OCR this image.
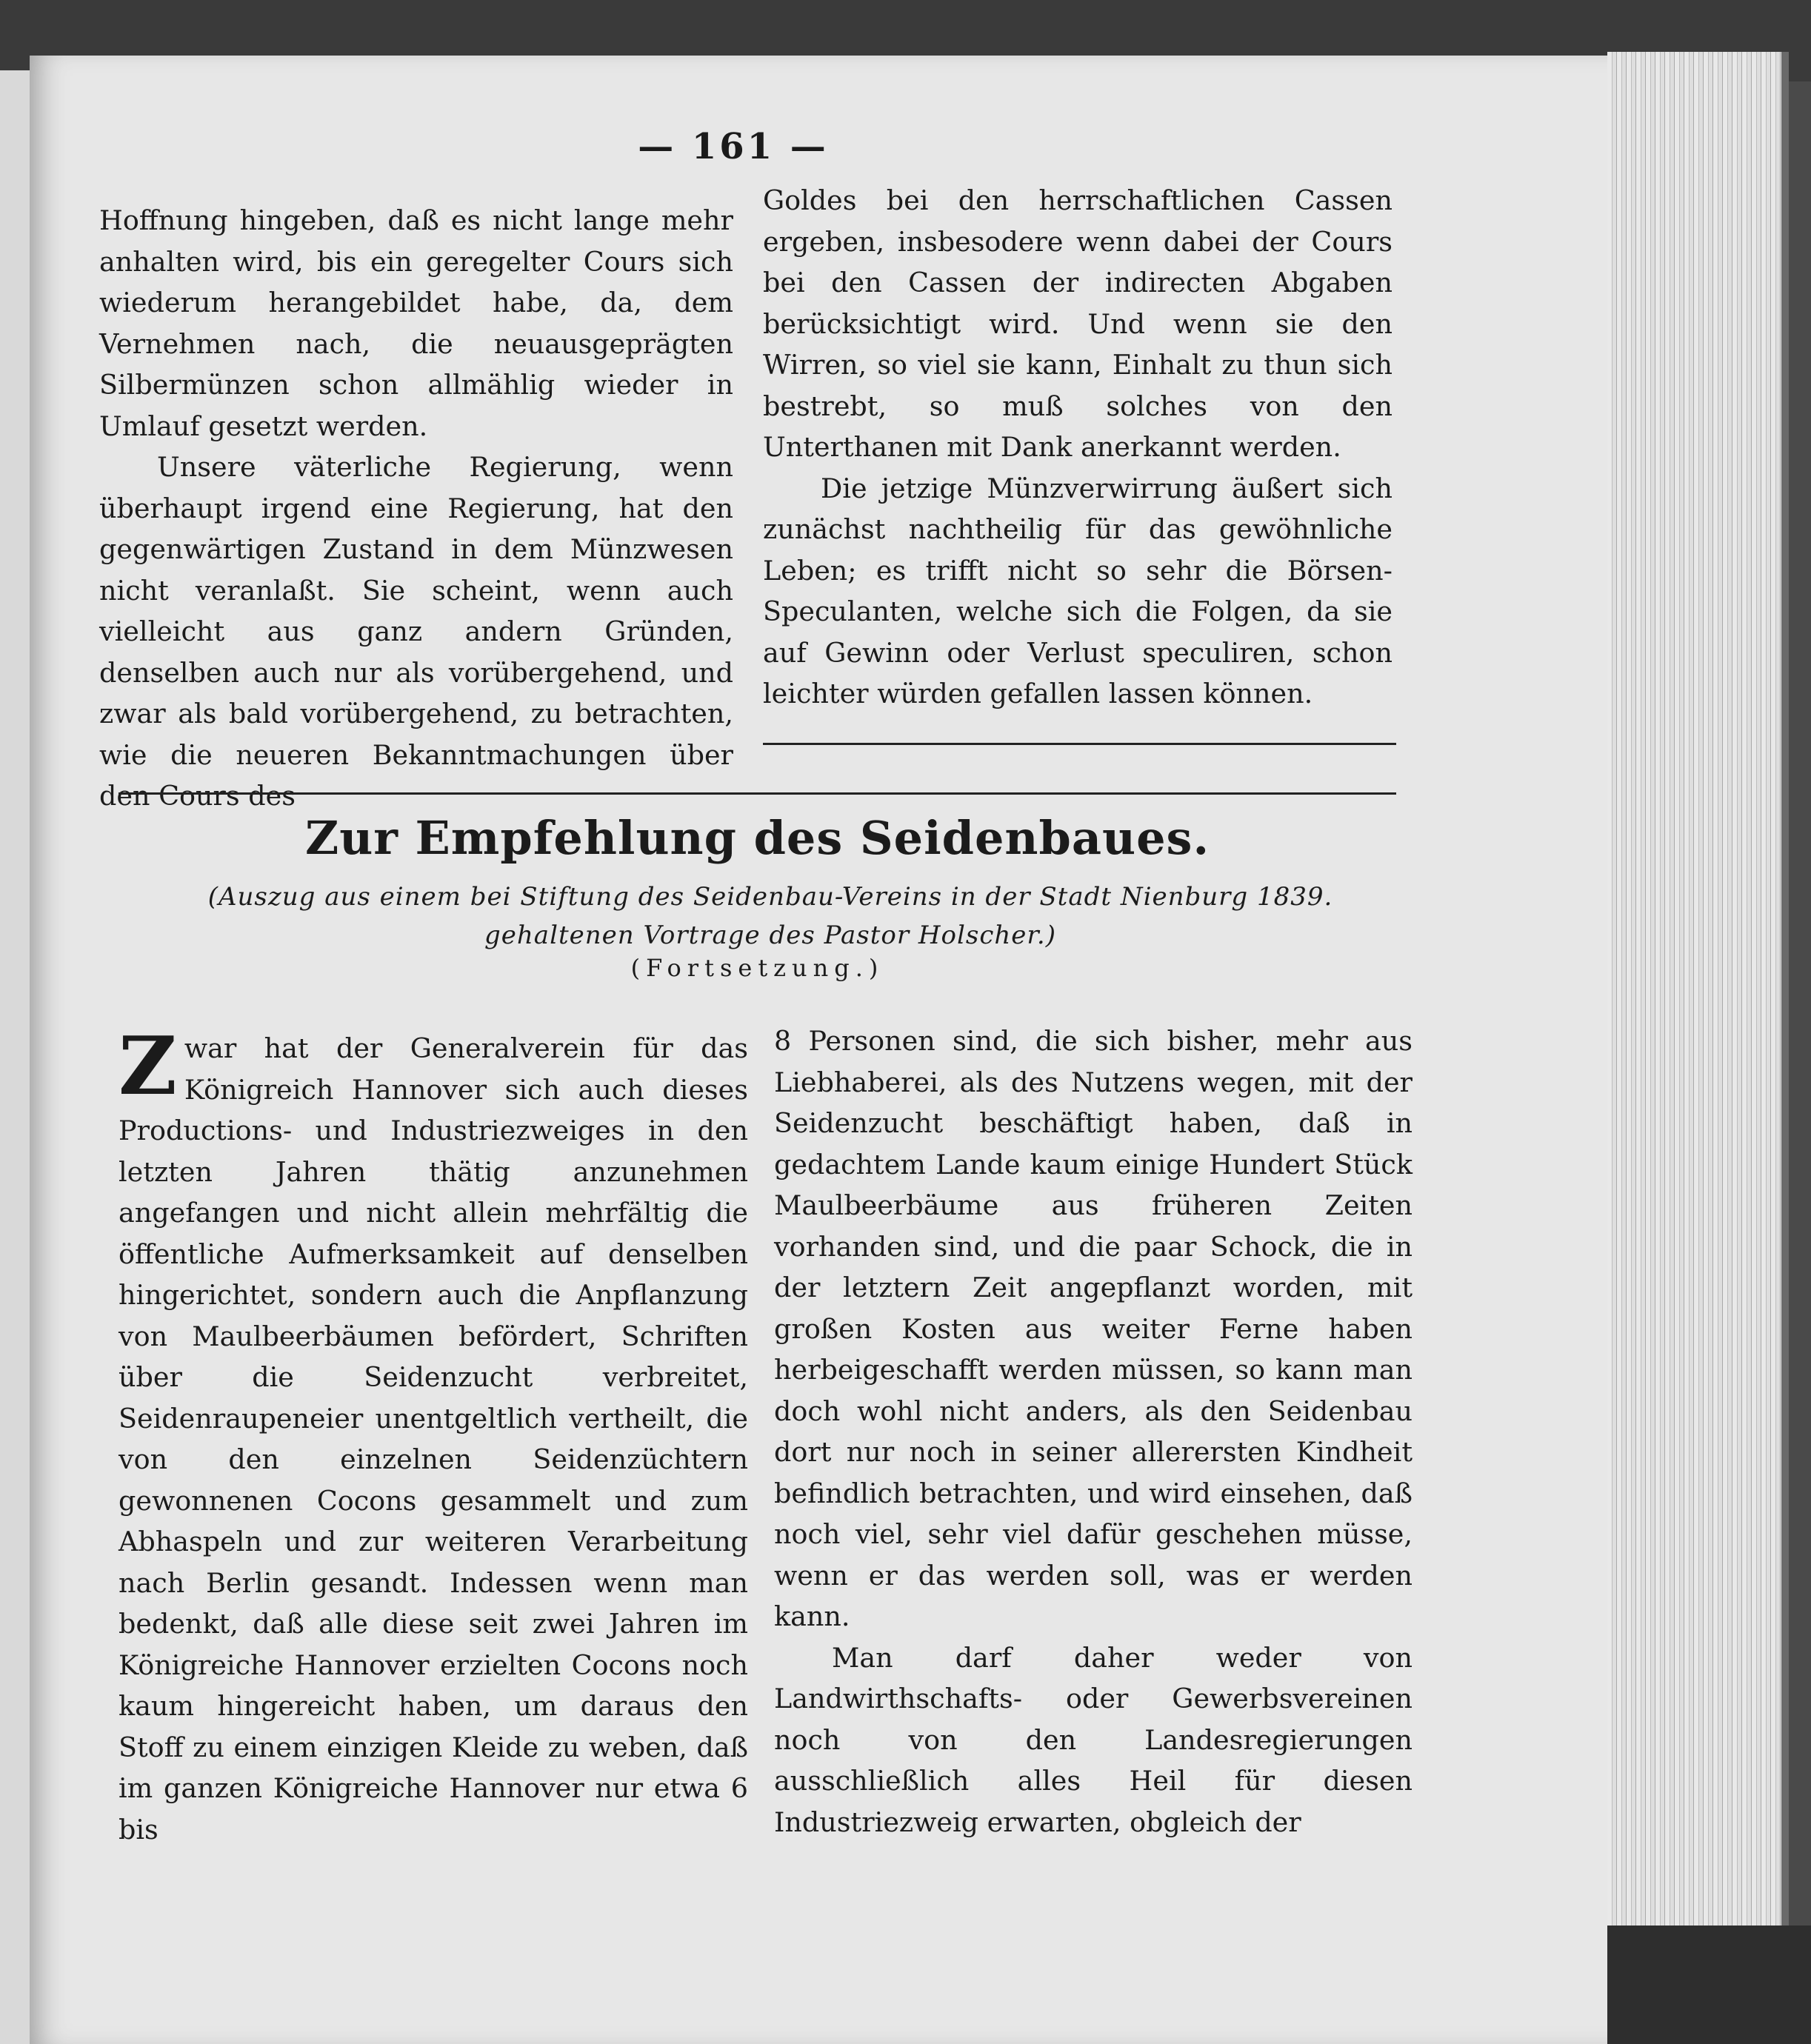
— 161 —

Hoffnung hingeben, daß es nicht lange mehr anhalten wird, bis ein geregelter Cours sich wiederum herangebildet habe, da, dem Vernehmen nach, die neuausgeprägten Silbermünzen schon allmählig wieder in Umlauf gesetzt werden.

Unsere väterliche Regierung, wenn überhaupt irgend eine Regierung, hat den gegenwärtigen Zustand in dem Münzwesen nicht veranlaßt. Sie scheint, wenn auch vielleicht aus ganz andern Gründen, denselben auch nur als vorübergehend, und zwar als bald vorübergehend, zu betrachten, wie die neueren Bekanntmachungen über den Cours des

Goldes bei den herrschaftlichen Cassen ergeben, insbesodere wenn dabei der Cours bei den Cassen der indirecten Abgaben berücksichtigt wird. Und wenn sie den Wirren, so viel sie kann, Einhalt zu thun sich bestrebt, so muß solches von den Unterthanen mit Dank anerkannt werden.

Die jetzige Münzverwirrung äußert sich zunächst nachtheilig für das gewöhnliche Leben; es trifft nicht so sehr die Börsen-Speculanten, welche sich die Folgen, da sie auf Gewinn oder Verlust speculiren, schon leichter würden gefallen lassen können.

Zur Empfehlung des Seidenbaues.
(Auszug aus einem bei Stiftung des Seidenbau-Vereins in der Stadt Nienburg 1839.
gehaltenen Vortrage des Pastor Holscher.)
(Fortsetzung.)

Zwar hat der Generalverein für das Königreich Hannover sich auch dieses Productions- und Industriezweiges in den letzten Jahren thätig anzunehmen angefangen und nicht allein mehrfältig die öffentliche Aufmerksamkeit auf denselben hingerichtet, sondern auch die Anpflanzung von Maulbeerbäumen befördert, Schriften über die Seidenzucht verbreitet, Seidenraupeneier unentgeltlich vertheilt, die von den einzelnen Seidenzüchtern gewonnenen Cocons gesammelt und zum Abhaspeln und zur weiteren Verarbeitung nach Berlin gesandt. Indessen wenn man bedenkt, daß alle diese seit zwei Jahren im Königreiche Hannover erzielten Cocons noch kaum hingereicht haben, um daraus den Stoff zu einem einzigen Kleide zu weben, daß im ganzen Königreiche Hannover nur etwa 6 bis

8 Personen sind, die sich bisher, mehr aus Liebhaberei, als des Nutzens wegen, mit der Seidenzucht beschäftigt haben, daß in gedachtem Lande kaum einige Hundert Stück Maulbeerbäume aus früheren Zeiten vorhanden sind, und die paar Schock, die in der letztern Zeit angepflanzt worden, mit großen Kosten aus weiter Ferne haben herbeigeschafft werden müssen, so kann man doch wohl nicht anders, als den Seidenbau dort nur noch in seiner allerersten Kindheit befindlich betrachten, und wird einsehen, daß noch viel, sehr viel dafür geschehen müsse, wenn er das werden soll, was er werden kann.

Man darf daher weder von Landwirthschafts- oder Gewerbsvereinen noch von den Landesregierungen ausschließlich alles Heil für diesen Industriezweig erwarten, obgleich der
